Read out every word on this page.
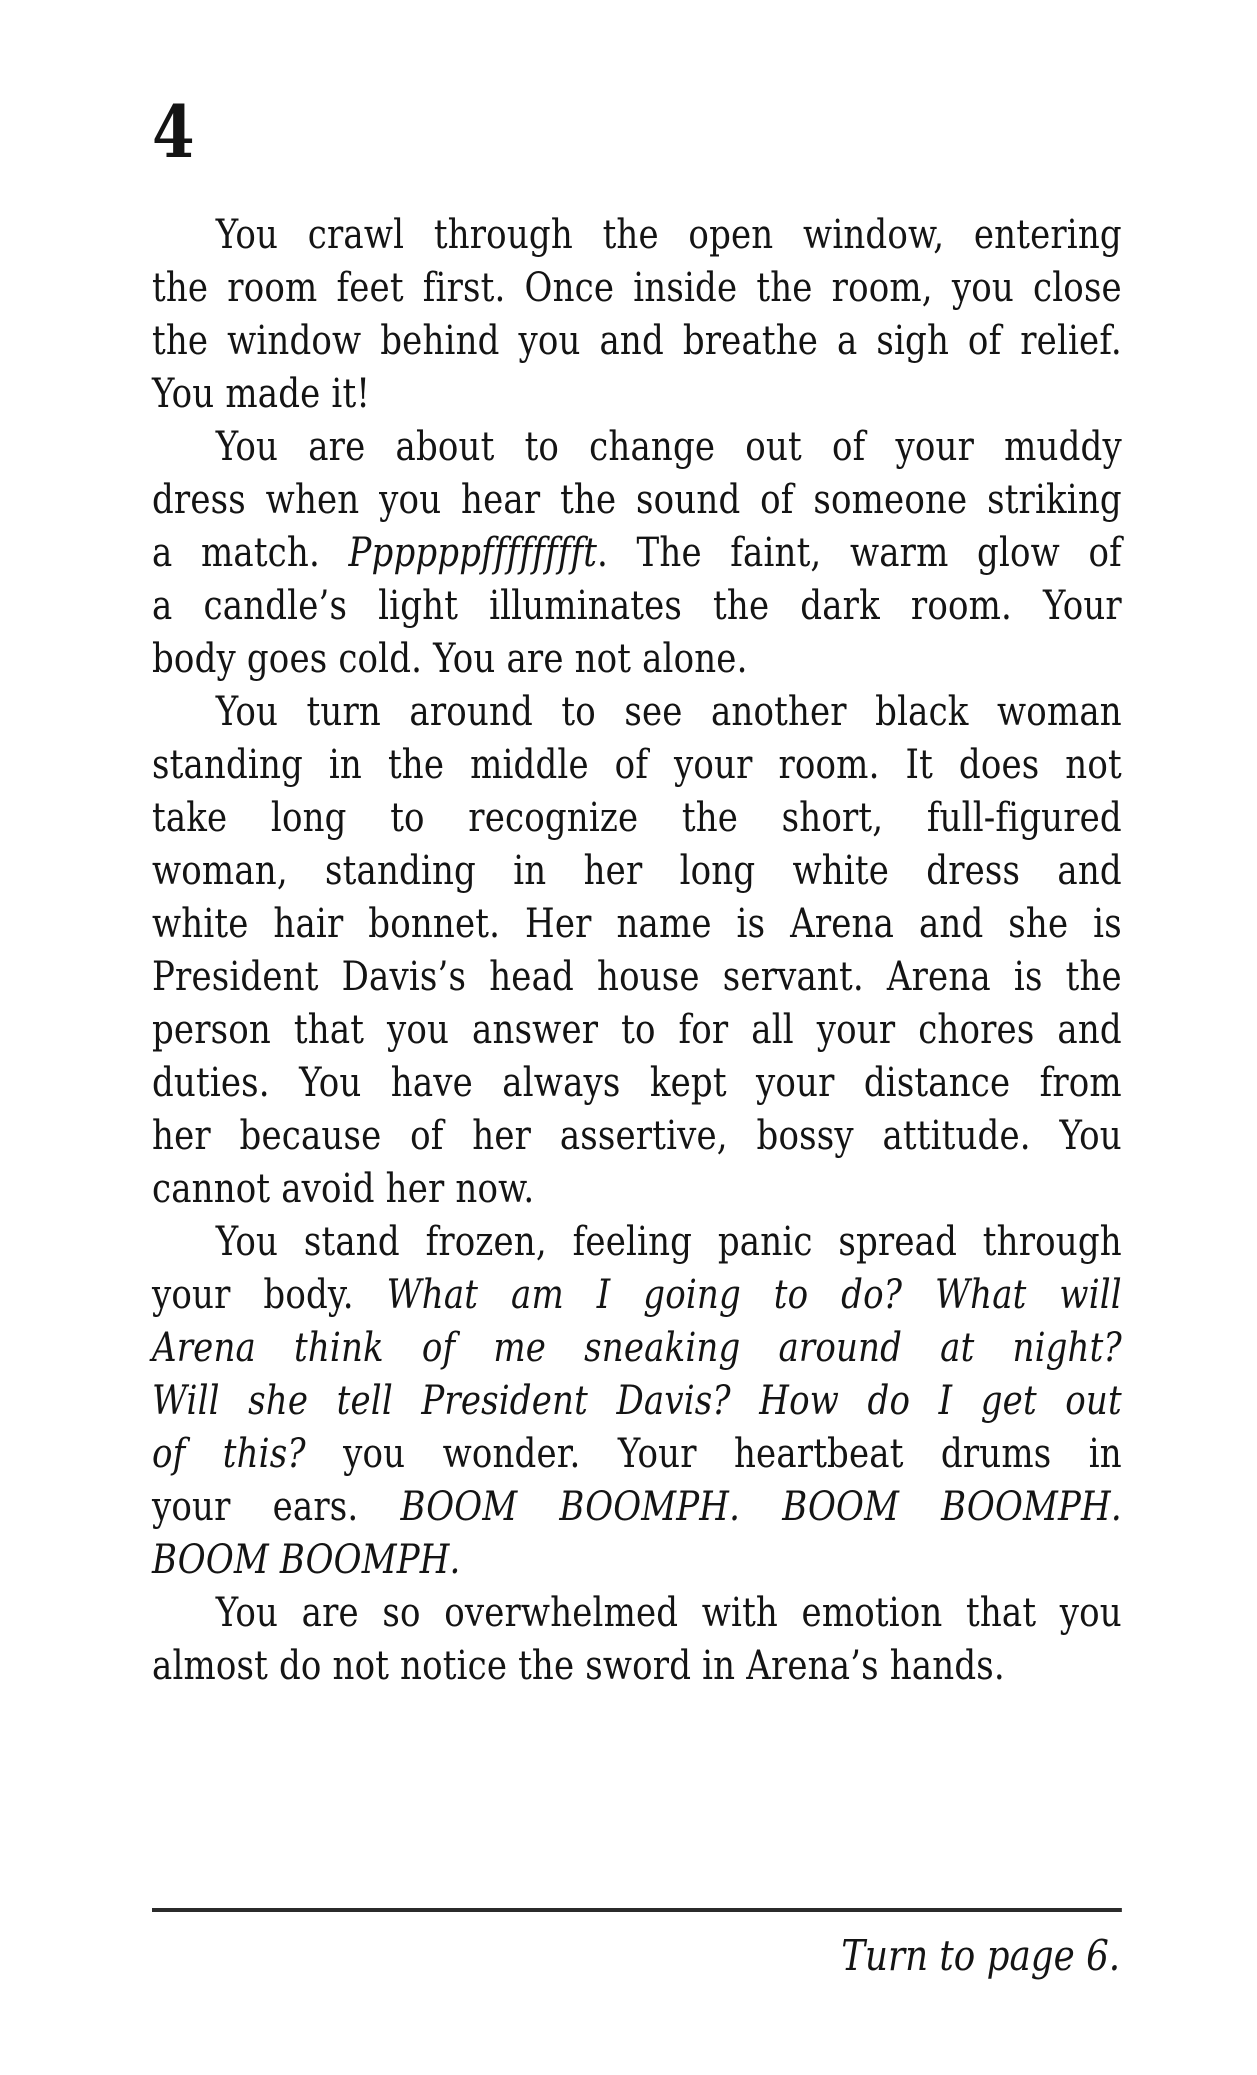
4
You crawl through the open window, entering
the room feet first. Once inside the room, you close
the window behind you and breathe a sigh of relief.
You made it!
You are about to change out of your muddy
dress when you hear the sound of someone striking
a match. Ppppppfffffffft. The faint, warm glow of
a candle’s light illuminates the dark room. Your
body goes cold. You are not alone.
You turn around to see another black woman
standing in the middle of your room. It does not
take long to recognize the short, full-figured
woman, standing in her long white dress and
white hair bonnet. Her name is Arena and she is
President Davis’s head house servant. Arena is the
person that you answer to for all your chores and
duties. You have always kept your distance from
her because of her assertive, bossy attitude. You
cannot avoid her now.
You stand frozen, feeling panic spread through
your body. What am I going to do? What will
Arena think of me sneaking around at night?
Will she tell President Davis? How do I get out
of this? you wonder. Your heartbeat drums in
your ears. BOOM BOOMPH. BOOM BOOMPH.
BOOM BOOMPH.
You are so overwhelmed with emotion that you
almost do not notice the sword in Arena’s hands.
Turn to page 6.
